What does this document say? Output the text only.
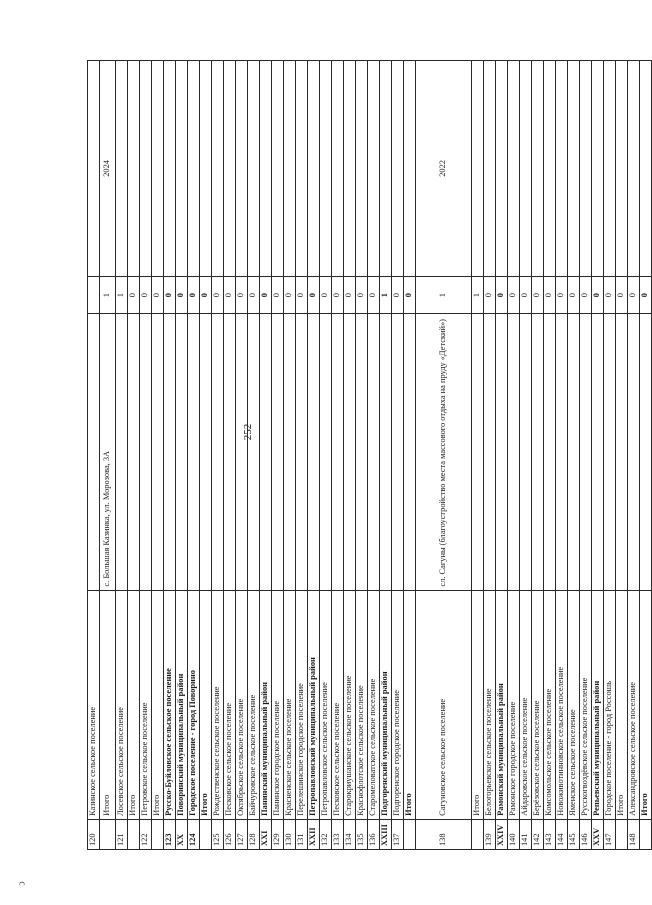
252
ↄ
120	Казинское сельское поселение			
	Итого	с. Большая Казинка, ул. Морозова, 3А	1	2024
121	Лосевское сельское поселение		1	
	Итого		0	
122	Петровское сельское поселение		0	
	Итого		0	
123	Русско-Буйловское сельское поселение		0	
XX	Поворинский муниципальный район		0	
124	Городское поселение - город Поворино		0	
	Итого		0	
125	Рождественское сельское поселение		0	
126	Песковское сельское поселение		0	
127	Октябрьское сельское поселение		0	
128	Байчуровское сельское поселение		0	
XXI	Панинский муниципальный район		0	
129	Панинское городское поселение		0	
130	Красненское сельское поселение		0	
131	Перелешинское городское поселение		0	
XXII	Петропавловский муниципальный район		0	
132	Петропавловское сельское поселение		0	
133	Песковское сельское поселение		0	
134	Старокриушанское сельское поселение		0	
135	Краснофлотское сельское поселение		0	
136	Старомеловатское сельское поселение		0	
XXIII	Подгоренский муниципальный район		1	
137	Подгоренское городское поселение		0	
	Итого		0	
138	Сагуновское сельское поселение	сл. Сагуны (благоустройство места массового отдыха на пруду «Детский»)	1	2022
	Итого		1	
139	Белогорьевское сельское поселение		0	
XXIV	Рамонский муниципальный район		0	
140	Рамонское городское поселение		0	
141	Айдаровское сельское поселение		0	
142	Берёзовское сельское поселение		0	
143	Комсомольское сельское поселение		0	
144	Новоживотинновское сельское поселение		0	
145	Яменское сельское поселение		0	
146	Русскогвоздёвское сельское поселение		0	
XXV	Репьевский муниципальный район		0	
147	Городское поселение - город Россошь		0	
	Итого		0	
148	Александровское сельское поселение		0	
	Итого		0	
